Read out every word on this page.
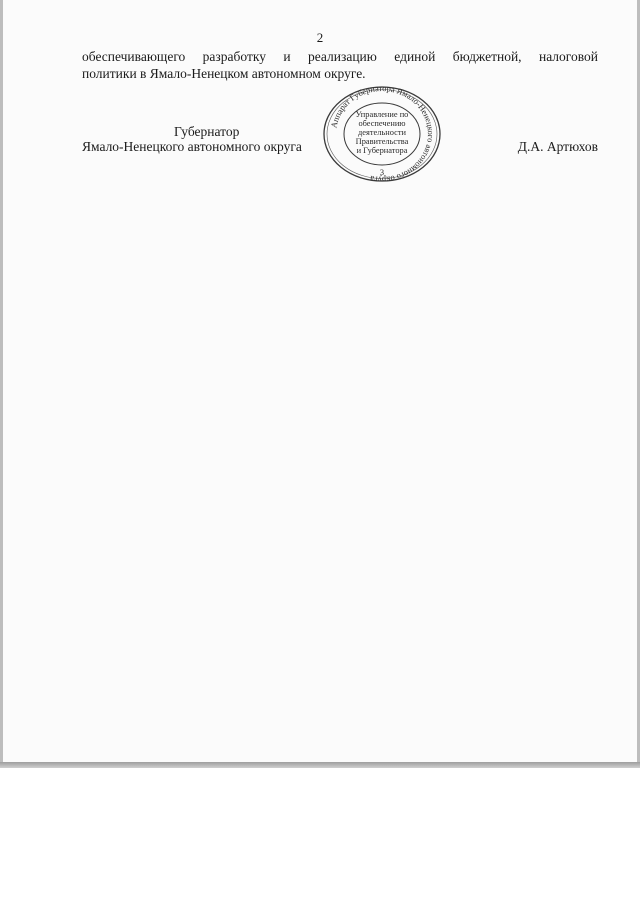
2

обеспечивающего разработку и реализацию единой бюджетной, налоговой
политики в Ямало-Ненецком автономном округе.

Губернатор
Ямало-Ненецкого автономного округа	Д.А. Артюхов
Аппарат Губернатора Ямало-Ненецкого автономного округа
Управление по
обеспечению
деятельности
Правительства
и Губернатора
3
